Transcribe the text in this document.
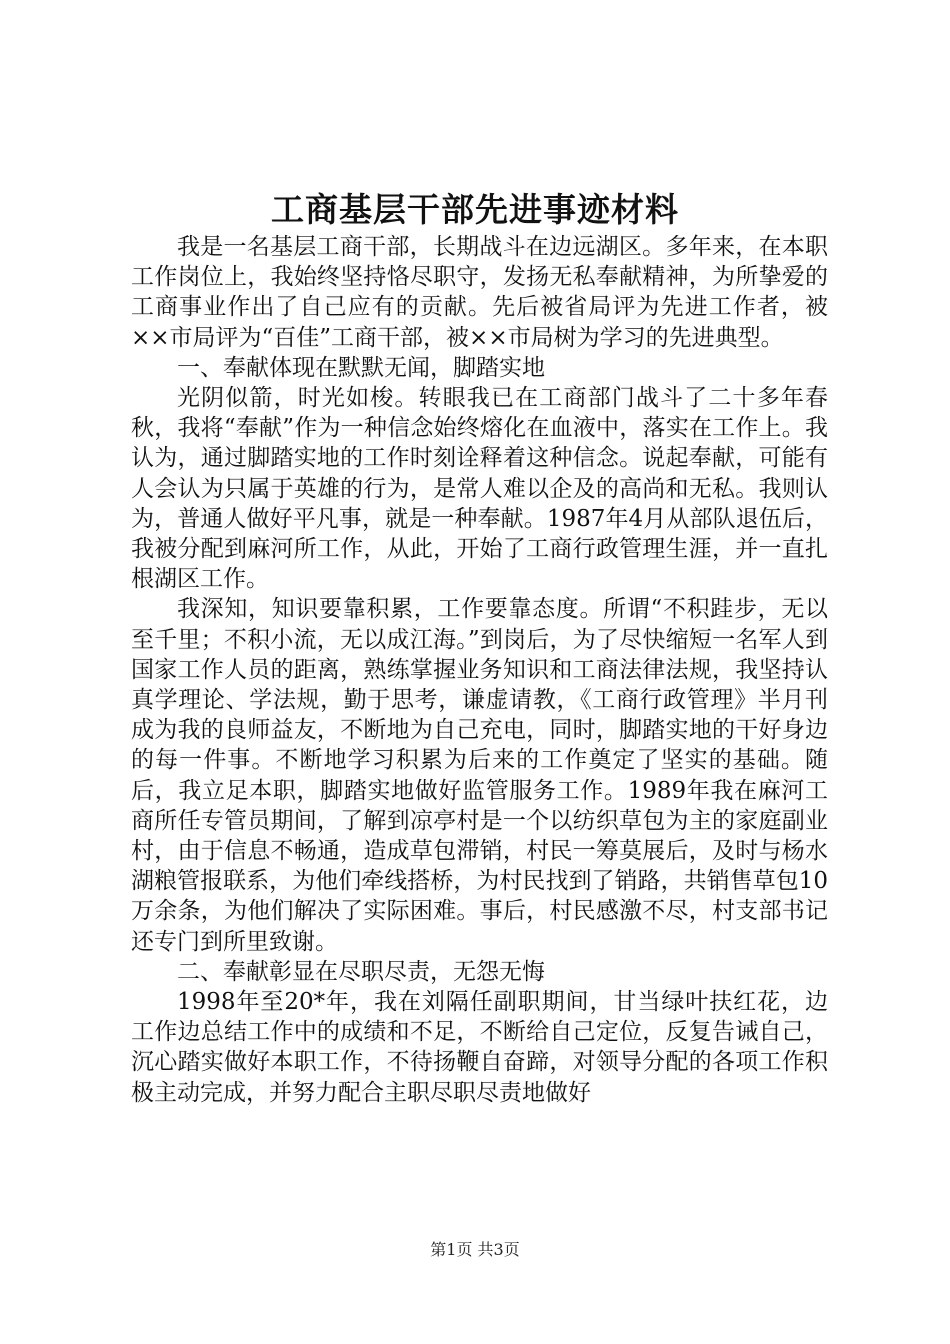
工商基层干部先进事迹材料

我是一名基层工商干部，长期战斗在边远湖区。多年来，在本职工作岗位上，我始终坚持恪尽职守，发扬无私奉献精神，为所挚爱的工商事业作出了自己应有的贡献。先后被省局评为先进工作者，被××市局评为“百佳”工商干部，被××市局树为学习的先进典型。

一、奉献体现在默默无闻，脚踏实地

光阴似箭，时光如梭。转眼我已在工商部门战斗了二十多年春秋，我将“奉献”作为一种信念始终熔化在血液中，落实在工作上。我认为，通过脚踏实地的工作时刻诠释着这种信念。说起奉献，可能有人会认为只属于英雄的行为，是常人难以企及的高尚和无私。我则认为，普通人做好平凡事，就是一种奉献。1987年4月从部队退伍后，我被分配到麻河所工作，从此，开始了工商行政管理生涯，并一直扎根湖区工作。

我深知，知识要靠积累，工作要靠态度。所谓“不积跬步，无以至千里；不积小流，无以成江海。”到岗后，为了尽快缩短一名军人到国家工作人员的距离，熟练掌握业务知识和工商法律法规，我坚持认真学理论、学法规，勤于思考，谦虚请教，《工商行政管理》半月刊成为我的良师益友，不断地为自己充电，同时，脚踏实地的干好身边的每一件事。不断地学习积累为后来的工作奠定了坚实的基础。随后，我立足本职，脚踏实地做好监管服务工作。1989年我在麻河工商所任专管员期间，了解到凉亭村是一个以纺织草包为主的家庭副业村，由于信息不畅通，造成草包滞销，村民一筹莫展后，及时与杨水湖粮管报联系，为他们牵线搭桥，为村民找到了销路，共销售草包10万余条，为他们解决了实际困难。事后，村民感激不尽，村支部书记还专门到所里致谢。

二、奉献彰显在尽职尽责，无怨无悔

1998年至20*年，我在刘隔任副职期间，甘当绿叶扶红花，边工作边总结工作中的成绩和不足，不断给自己定位，反复告诫自己，沉心踏实做好本职工作，不待扬鞭自奋蹄，对领导分配的各项工作积极主动完成，并努力配合主职尽职尽责地做好

第1页 共3页
